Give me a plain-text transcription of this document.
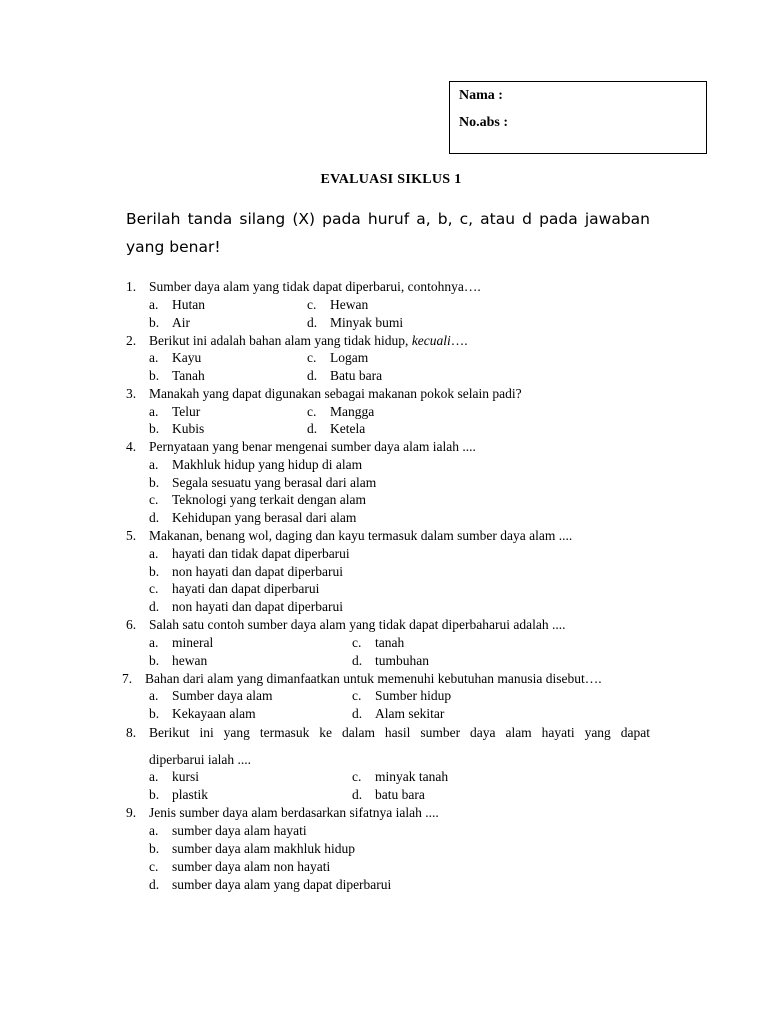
Nama :
No.abs :
EVALUASI SIKLUS 1
Berilah tanda silang (X) pada huruf a, b, c, atau d pada jawaban yang benar!
1. Sumber daya alam yang tidak dapat diperbarui, contohnya….
a. Hutan	c. Hewan
b. Air	d. Minyak bumi
2. Berikut ini adalah bahan alam yang tidak hidup, kecuali….
a. Kayu	c. Logam
b. Tanah	d. Batu bara
3. Manakah yang dapat digunakan sebagai makanan pokok selain padi?
a. Telur	c. Mangga
b. Kubis	d. Ketela
4. Pernyataan yang benar mengenai sumber daya alam ialah ....
a. Makhluk hidup yang hidup di alam
b. Segala sesuatu yang berasal dari alam
c. Teknologi yang terkait dengan alam
d. Kehidupan yang berasal dari alam
5. Makanan, benang wol, daging dan kayu termasuk dalam sumber daya alam ....
a. hayati dan tidak dapat diperbarui
b. non hayati dan dapat diperbarui
c. hayati dan dapat diperbarui
d. non hayati dan dapat diperbarui
6. Salah satu contoh sumber daya alam yang tidak dapat diperbaharui adalah ....
a. mineral	c. tanah
b. hewan	d. tumbuhan
7. Bahan dari alam yang dimanfaatkan untuk memenuhi kebutuhan manusia disebut….
a. Sumber daya alam	c. Sumber hidup
b. Kekayaan alam	d. Alam sekitar
8. Berikut ini yang termasuk ke dalam hasil sumber daya alam hayati yang dapat
diperbarui ialah ....
a. kursi	c. minyak tanah
b. plastik	d. batu bara
9. Jenis sumber daya alam berdasarkan sifatnya ialah ....
a. sumber daya alam hayati
b. sumber daya alam makhluk hidup
c. sumber daya alam non hayati
d. sumber daya alam yang dapat diperbarui
